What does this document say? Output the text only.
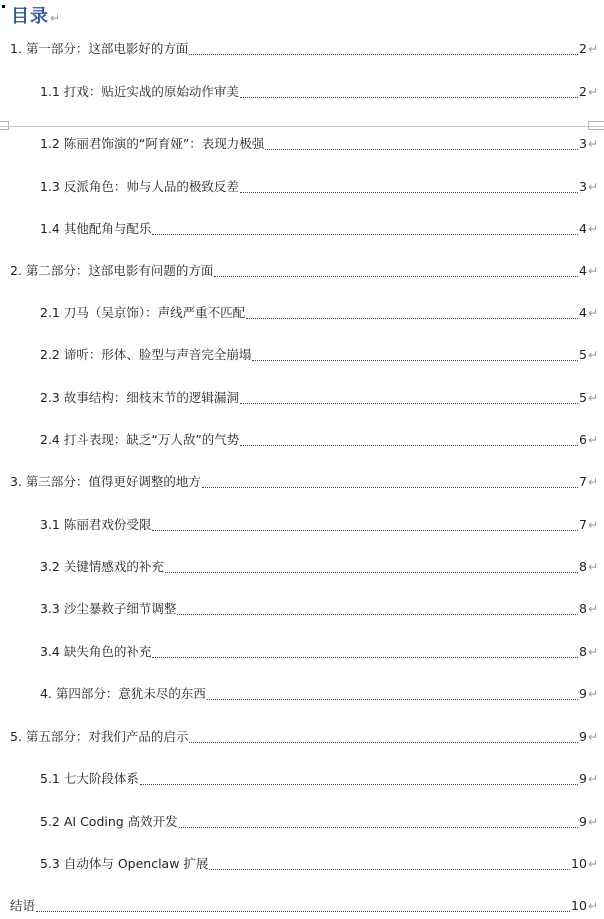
目录↵
1. 第一部分：这部电影好的方面	2 ↵
1.1 打戏：贴近实战的原始动作审美	2 ↵
1.2 陈丽君饰演的“阿育娅”：表现力极强	3 ↵
1.3 反派角色：帅与人品的极致反差	3 ↵
1.4 其他配角与配乐	4 ↵
2. 第二部分：这部电影有问题的方面	4 ↵
2.1 刀马（吴京饰）：声线严重不匹配	4 ↵
2.2 谛听：形体、脸型与声音完全崩塌	5 ↵
2.3 故事结构：细枝末节的逻辑漏洞	5 ↵
2.4 打斗表现：缺乏“万人敌”的气势	6 ↵
3. 第三部分：值得更好调整的地方	7 ↵
3.1 陈丽君戏份受限	7 ↵
3.2 关键情感戏的补充	8 ↵
3.3 沙尘暴救子细节调整	8 ↵
3.4 缺失角色的补充	8 ↵
4. 第四部分：意犹未尽的东西	9 ↵
5. 第五部分：对我们产品的启示	9 ↵
5.1 七大阶段体系	9 ↵
5.2 AI Coding 高效开发	9 ↵
5.3 自动体与 Openclaw 扩展	10 ↵
结语	10 ↵
